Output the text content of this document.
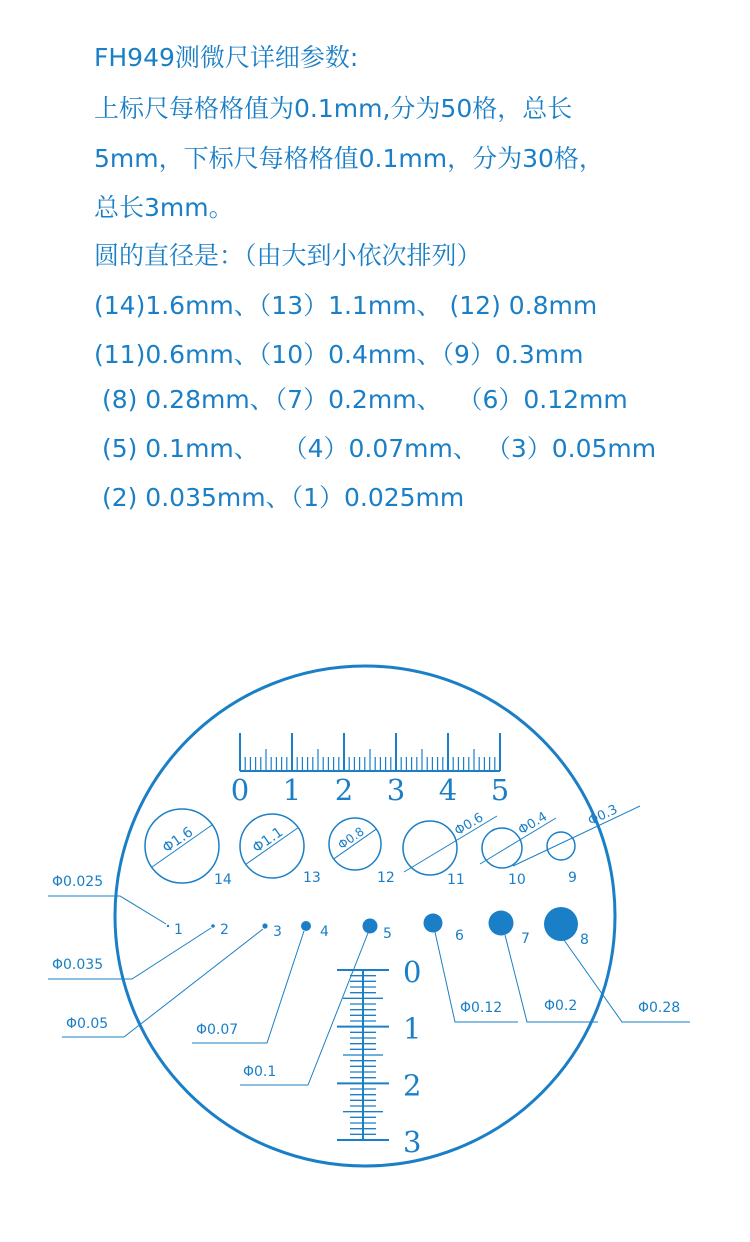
FH949测微尺详细参数:
上标尺每格格值为0.1mm,分为50格，总长
5mm，下标尺每格格值0.1mm，分为30格，
总长3mm。
圆的直径是：（由大到小依次排列）
(14)1.6mm、（13）1.1mm、 (12) 0.8mm
(11)0.6mm、（10）0.4mm、（9）0.3mm
(8) 0.28mm、（7）0.2mm、  （6）0.12mm
(5) 0.1mm、   （4）0.07mm、 （3）0.05mm
(2) 0.035mm、（1）0.025mm
0 1 2 3 4 5
0
1
2
3
14
Φ1.6
13
Φ1.1
12
Φ0.8
11
Φ0.6
10
Φ0.4
9
Φ0.3
1
Φ0.025
2
Φ0.035
3
Φ0.05
4
Φ0.07
5
Φ0.1
6
Φ0.12
7
Φ0.2
8
Φ0.28
